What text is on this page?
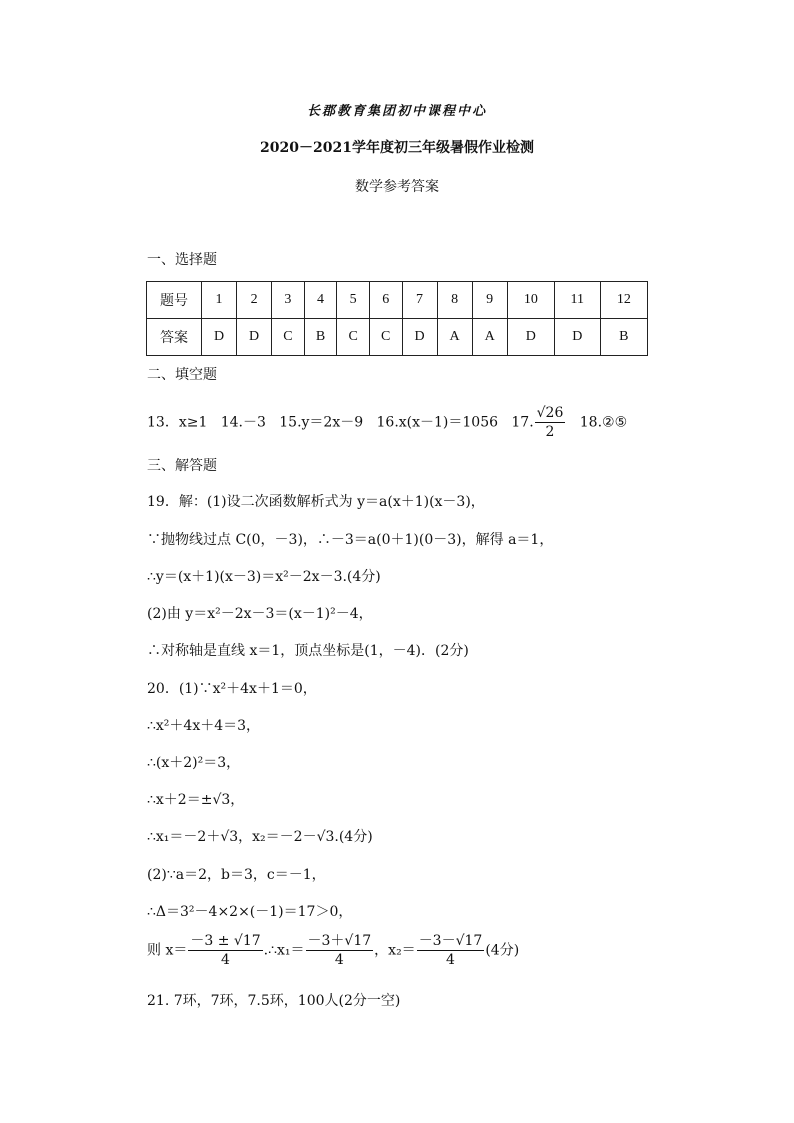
长郡教育集团初中课程中心
2020－2021学年度初三年级暑假作业检测
数学参考答案
一、选择题
题号	1	2	3	4	5	6	7	8	9	10	11	12
答案	D	D	C	B	C	C	D	A	A	D	D	B
二、填空题
13．x≥1 14.－3 15.y＝2x－9 16.x(x－1)＝1056 17. $\frac{√26}{2}$ 18.②⑤
三、解答题
19．解：(1)设二次函数解析式为 y＝a(x＋1)(x－3)，
∵抛物线过点 C(0，－3)，∴－3＝a(0＋1)(0－3)，解得 a＝1，
∴y＝(x＋1)(x－3)＝x²－2x－3.(4分)
(2)由 y＝x²－2x－3＝(x－1)²－4，
∴对称轴是直线 x＝1，顶点坐标是(1，－4)．(2分)
20．(1)∵x²＋4x＋1＝0，
∴x²＋4x＋4＝3，
∴(x＋2)²＝3，
∴x＋2＝±√3，
∴x₁＝－2＋√3，x₂＝－2－√3.(4分)
(2)∵a＝2，b＝3，c＝－1，
∴Δ＝3²－4×2×(－1)＝17＞0，
则 $x= \frac{-3 \pm √17}{4}$ .∴x₁＝ $\frac{-3+√17}{4}$ ，$x_2= \frac{-3-√17}{4} (4$分)
21. 7环，7环，7.5环，100人(2分一空)
